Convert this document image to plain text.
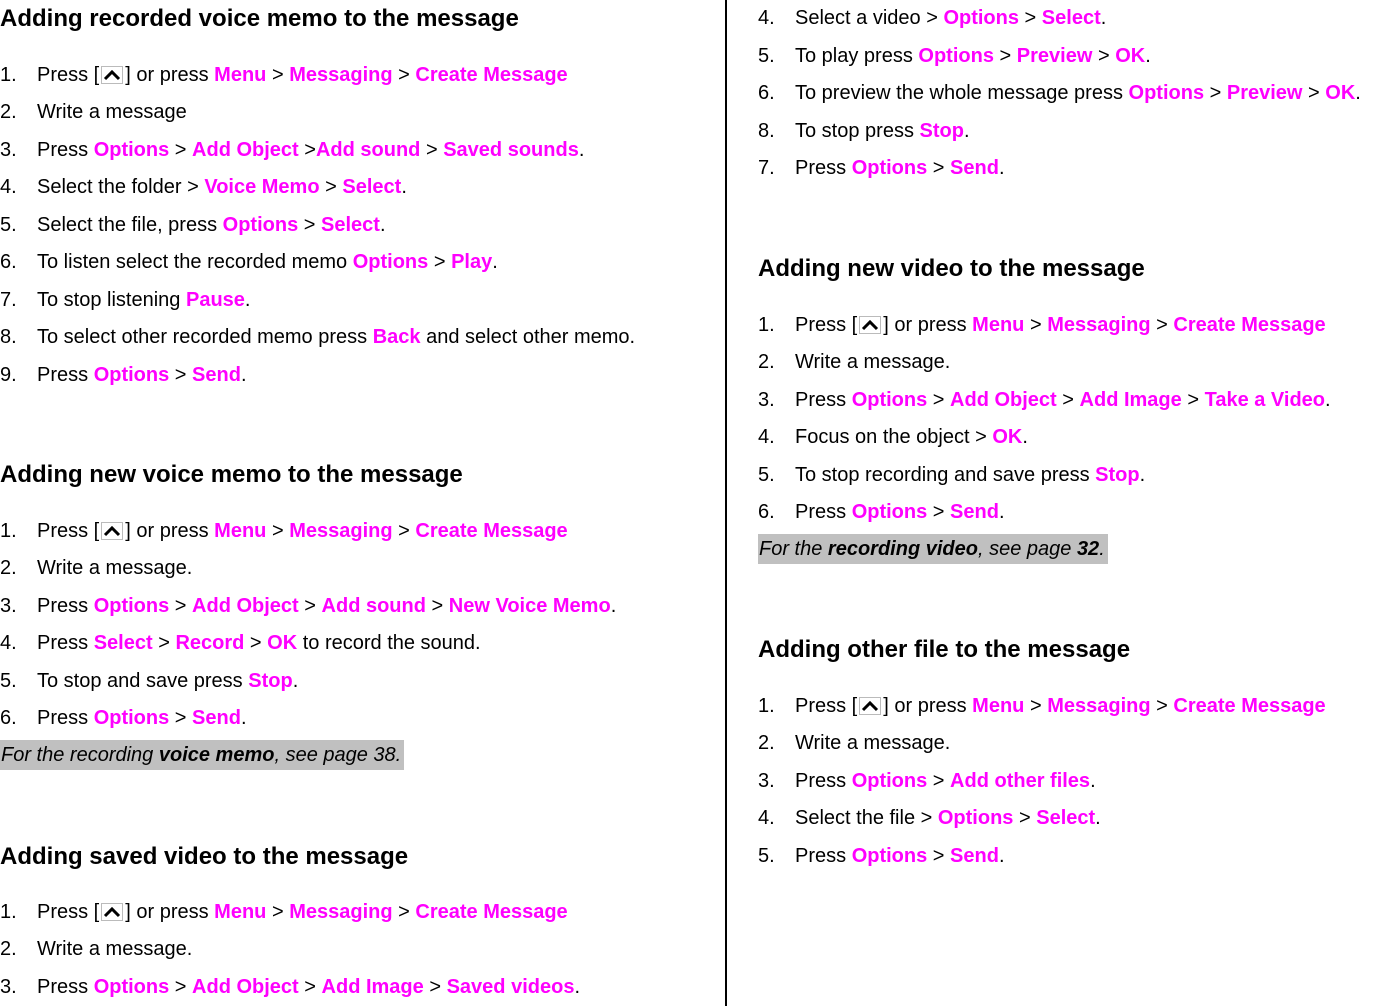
Adding recorded voice memo to the message
1. Press [ ] or press Menu > Messaging > Create Message
2. Write a message
3. Press Options > Add Object >Add sound > Saved sounds.
4. Select the folder > Voice Memo > Select.
5. Select the file, press Options > Select.
6. To listen select the recorded memo Options > Play.
7. To stop listening Pause.
8. To select other recorded memo press Back and select other memo.
9. Press Options > Send.
Adding new voice memo to the message
1. Press [ ] or press Menu > Messaging > Create Message
2. Write a message.
3. Press Options > Add Object > Add sound > New Voice Memo.
4. Press Select > Record > OK to record the sound.
5. To stop and save press Stop.
6. Press Options > Send.
For the recording voice memo, see page 38.
Adding saved video to the message
1. Press [ ] or press Menu > Messaging > Create Message
2. Write a message.
3. Press Options > Add Object > Add Image > Saved videos.
4. Select a video > Options > Select.
5. To play press Options > Preview > OK.
6. To preview the whole message press Options > Preview > OK.
8. To stop press Stop.
7. Press Options > Send.
Adding new video to the message
1. Press [ ] or press Menu > Messaging > Create Message
2. Write a message.
3. Press Options > Add Object > Add Image > Take a Video.
4. Focus on the object > OK.
5. To stop recording and save press Stop.
6. Press Options > Send.
For the recording video, see page 32.
Adding other file to the message
1. Press [ ] or press Menu > Messaging > Create Message
2. Write a message.
3. Press Options > Add other files.
4. Select the file > Options > Select.
5. Press Options > Send.
